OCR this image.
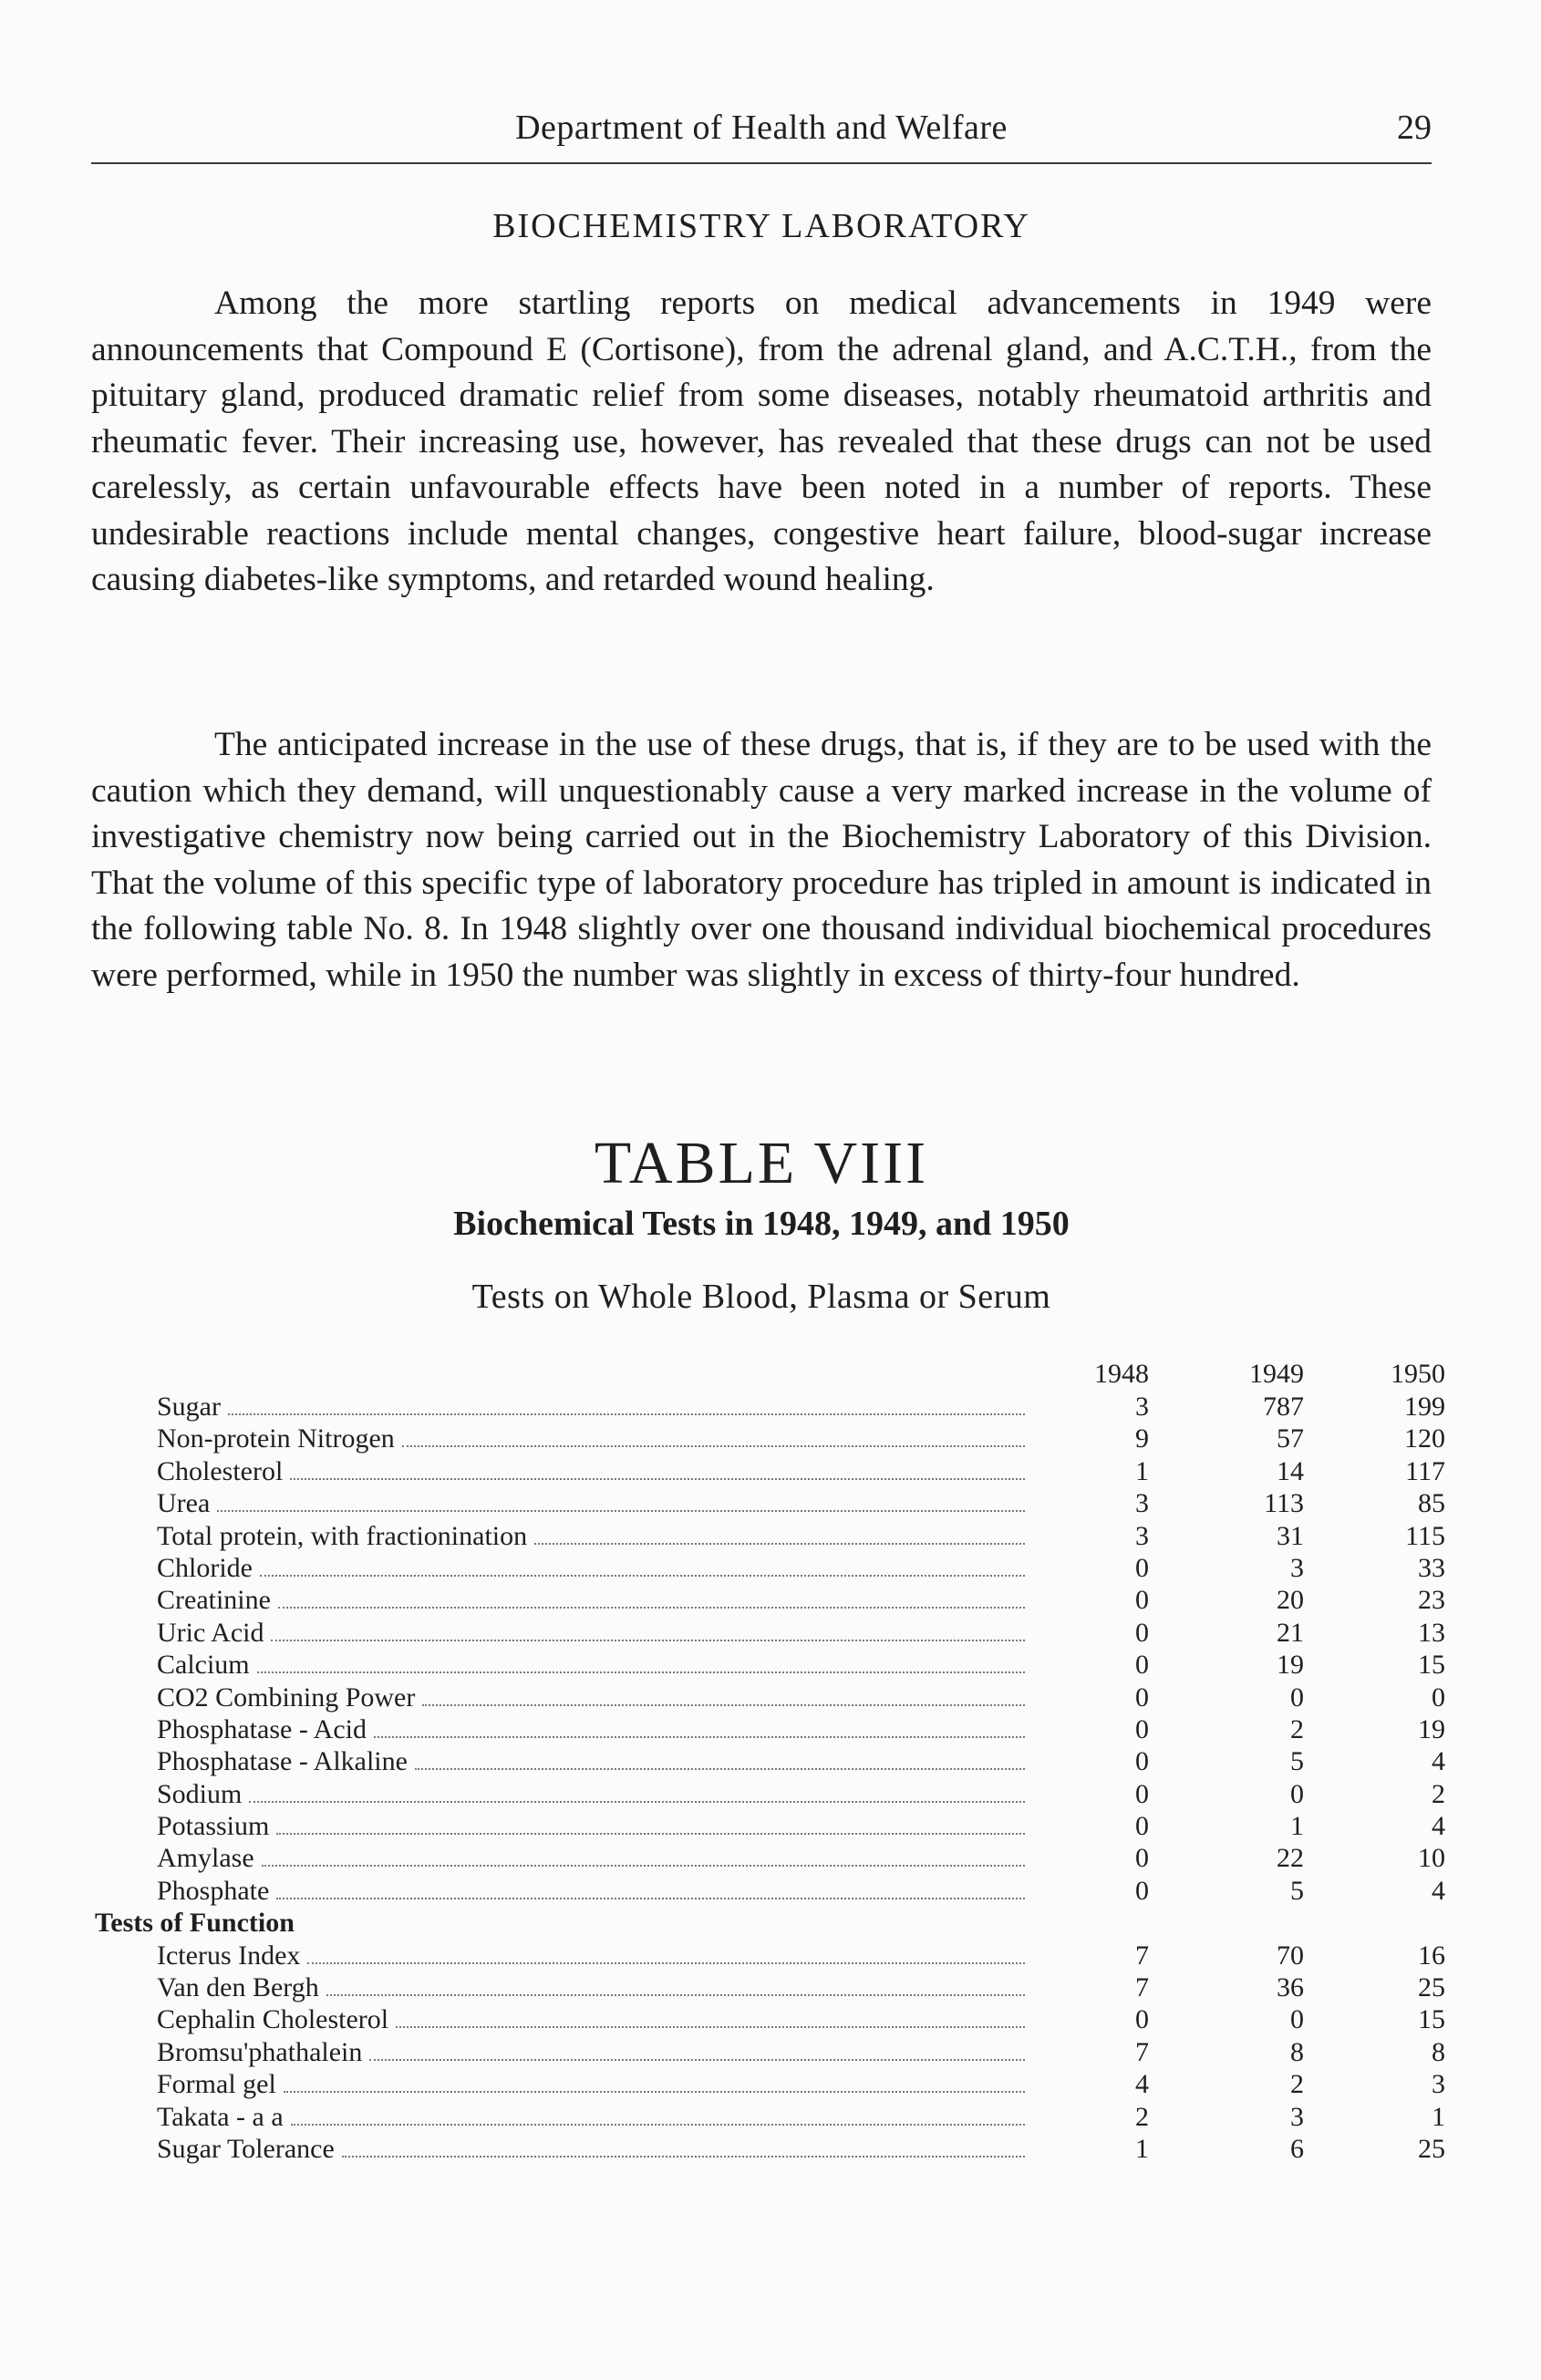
Department of Health and Welfare	29
BIOCHEMISTRY LABORATORY

Among the more startling reports on medical advancements in 1949 were announcements that Compound E (Cortisone), from the adrenal gland, and A.C.T.H., from the pituitary gland, produced dramatic relief from some diseases, notably rheumatoid arthritis and rheumatic fever. Their increasing use, however, has revealed that these drugs can not be used carelessly, as certain unfavourable effects have been noted in a number of reports. These undesirable reactions include mental changes, congestive heart failure, blood-sugar increase causing diabetes-like symptoms, and retarded wound healing.

The anticipated increase in the use of these drugs, that is, if they are to be used with the caution which they demand, will unquestionably cause a very marked increase in the volume of investigative chemistry now being carried out in the Biochemistry Laboratory of this Division. That the volume of this specific type of laboratory procedure has tripled in amount is indicated in the following table No. 8. In 1948 slightly over one thousand individual biochemical procedures were performed, while in 1950 the number was slightly in excess of thirty-four hundred.

TABLE VIII
Biochemical Tests in 1948, 1949, and 1950
Tests on Whole Blood, Plasma or Serum
1948	1949	1950
Sugar	3	787	199
Non-protein Nitrogen	9	57	120
Cholesterol	1	14	117
Urea	3	113	85
Total protein, with fractionination	3	31	115
Chloride	0	3	33
Creatinine	0	20	23
Uric Acid	0	21	13
Calcium	0	19	15
CO2 Combining Power	0	0	0
Phosphatase - Acid	0	2	19
Phosphatase - Alkaline	0	5	4
Sodium	0	0	2
Potassium	0	1	4
Amylase	0	22	10
Phosphate	0	5	4
Tests of Function
Icterus Index	7	70	16
Van den Bergh	7	36	25
Cephalin Cholesterol	0	0	15
Bromsu'phathalein	7	8	8
Formal gel	4	2	3
Takata - a a	2	3	1
Sugar Tolerance	1	6	25
